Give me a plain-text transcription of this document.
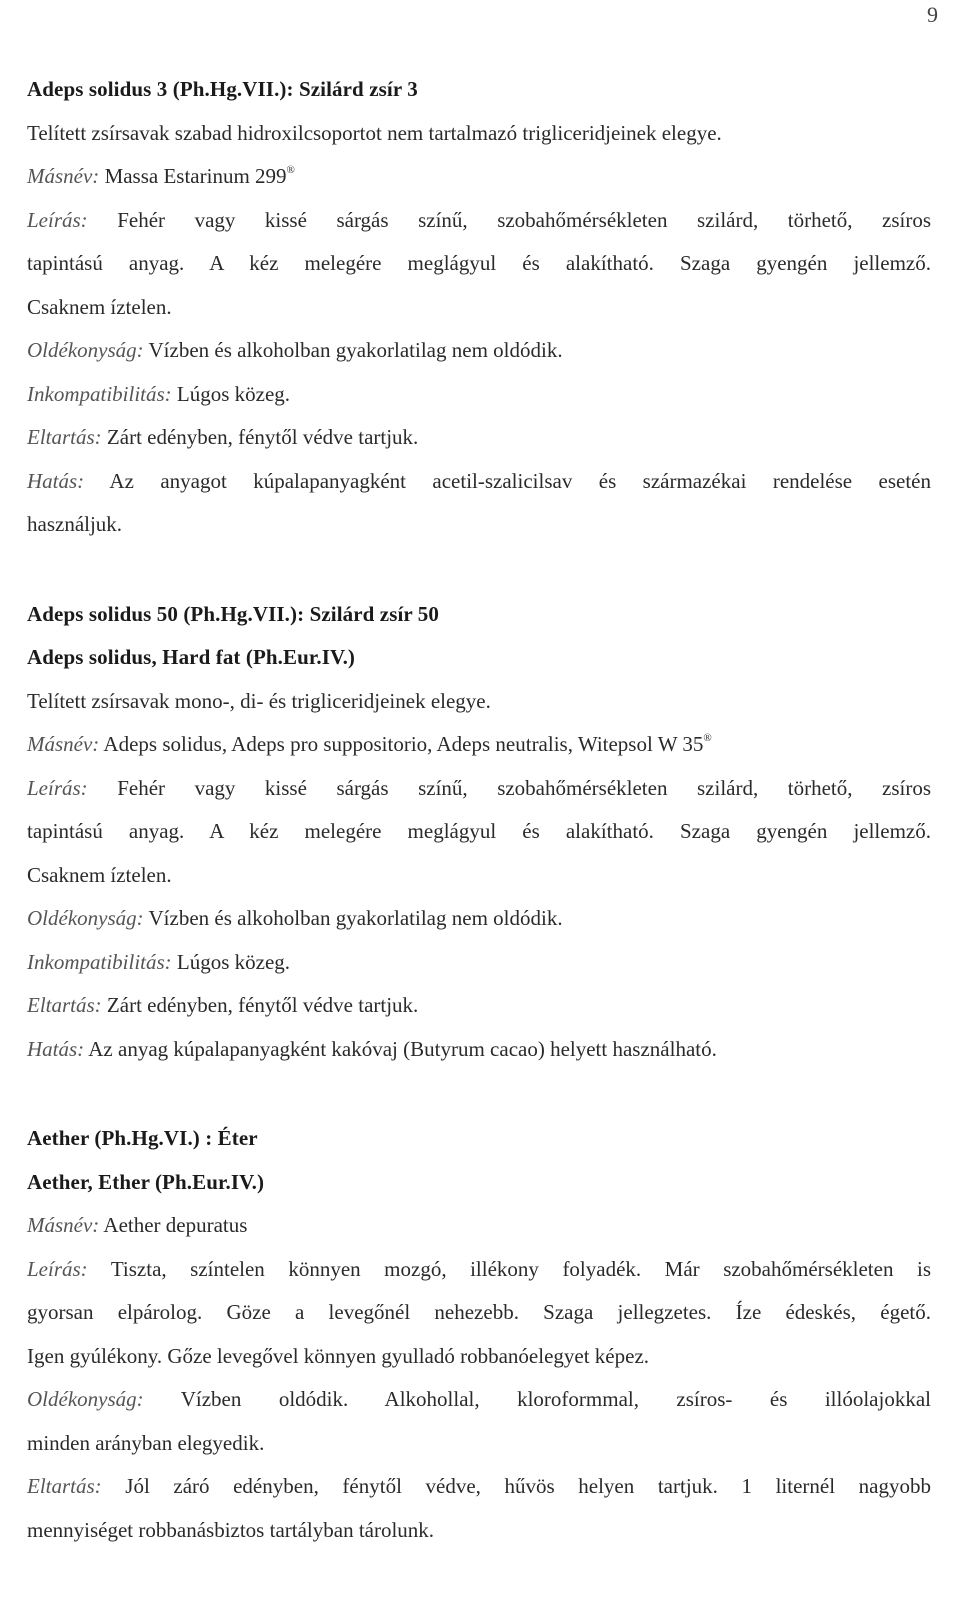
9
Adeps solidus 3 (Ph.Hg.VII.): Szilárd zsír 3
Telített zsírsavak szabad hidroxilcsoportot nem tartalmazó trigliceridjeinek elegye.
Másnév: Massa Estarinum 299®
Leírás: Fehér vagy kissé sárgás színű, szobahőmérsékleten szilárd, törhető, zsíros
tapintású anyag. A kéz melegére meglágyul és alakítható. Szaga gyengén jellemző.
Csaknem íztelen.
Oldékonyság: Vízben és alkoholban gyakorlatilag nem oldódik.
Inkompatibilitás: Lúgos közeg.
Eltartás: Zárt edényben, fénytől védve tartjuk.
Hatás: Az anyagot kúpalapanyagként acetil-szalicilsav és származékai rendelése esetén
használjuk.
Adeps solidus 50 (Ph.Hg.VII.): Szilárd zsír 50
Adeps solidus, Hard fat (Ph.Eur.IV.)
Telített zsírsavak mono-, di- és trigliceridjeinek elegye.
Másnév: Adeps solidus, Adeps pro suppositorio, Adeps neutralis, Witepsol W 35®
Leírás: Fehér vagy kissé sárgás színű, szobahőmérsékleten szilárd, törhető, zsíros
tapintású anyag. A kéz melegére meglágyul és alakítható. Szaga gyengén jellemző.
Csaknem íztelen.
Oldékonyság: Vízben és alkoholban gyakorlatilag nem oldódik.
Inkompatibilitás: Lúgos közeg.
Eltartás: Zárt edényben, fénytől védve tartjuk.
Hatás: Az anyag kúpalapanyagként kakóvaj (Butyrum cacao) helyett használható.
Aether (Ph.Hg.VI.) : Éter
Aether, Ether (Ph.Eur.IV.)
Másnév: Aether depuratus
Leírás: Tiszta, színtelen könnyen mozgó, illékony folyadék. Már szobahőmérsékleten is
gyorsan elpárolog. Göze a levegőnél nehezebb. Szaga jellegzetes. Íze édeskés, égető.
Igen gyúlékony. Gőze levegővel könnyen gyulladó robbanóelegyet képez.
Oldékonyság: Vízben oldódik. Alkohollal, kloroformmal, zsíros- és illóolajokkal
minden arányban elegyedik.
Eltartás: Jól záró edényben, fénytől védve, hűvös helyen tartjuk. 1 liternél nagyobb
mennyiséget robbanásbiztos tartályban tárolunk.
